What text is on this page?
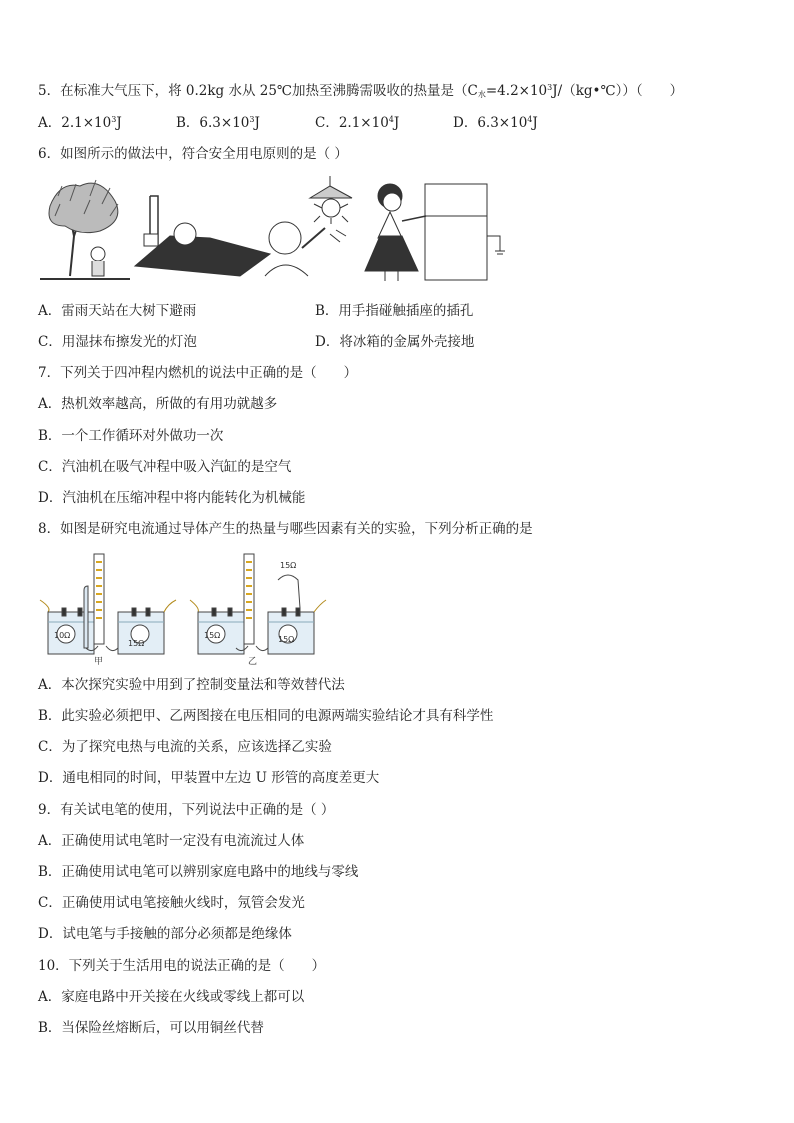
5．在标准大气压下，将 0.2kg 水从 25℃加热至沸腾需吸收的热量是$(C_水=4.2\times 10^3J/(kg•℃))$（　　）
A．$2.1\times 10^3J$	B．$6.3\times 10^3J$	C．$2.1\times 10^4J$	D．$6.3\times 10^4J$
6．如图所示的做法中，符合安全用电原则的是（ ）
A．雷雨天站在大树下避雨	B．用手指碰触插座的插孔
C．用湿抹布擦发光的灯泡	D．将冰箱的金属外壳接地
7．下列关于四冲程内燃机的说法中正确的是（　　）
A．热机效率越高，所做的有用功就越多
B．一个工作循环对外做功一次
C．汽油机在吸气冲程中吸入汽缸的是空气
D．汽油机在压缩冲程中将内能转化为机械能
8．如图是研究电流通过导体产生的热量与哪些因素有关的实验，下列分析正确的是
10Ω
15Ω
甲
15Ω	15Ω
15Ω
乙
A．本次探究实验中用到了控制变量法和等效替代法
B．此实验必须把甲、乙两图接在电压相同的电源两端实验结论才具有科学性
C．为了探究电热与电流的关系，应该选择乙实验
D．通电相同的时间，甲装置中左边 U 形管的高度差更大
9．有关试电笔的使用，下列说法中正确的是（ ）
A．正确使用试电笔时一定没有电流流过人体
B．正确使用试电笔可以辨别家庭电路中的地线与零线
C．正确使用试电笔接触火线时，氖管会发光
D．试电笔与手接触的部分必须都是绝缘体
10．下列关于生活用电的说法正确的是（　　）
A．家庭电路中开关接在火线或零线上都可以
B．当保险丝熔断后，可以用铜丝代替
